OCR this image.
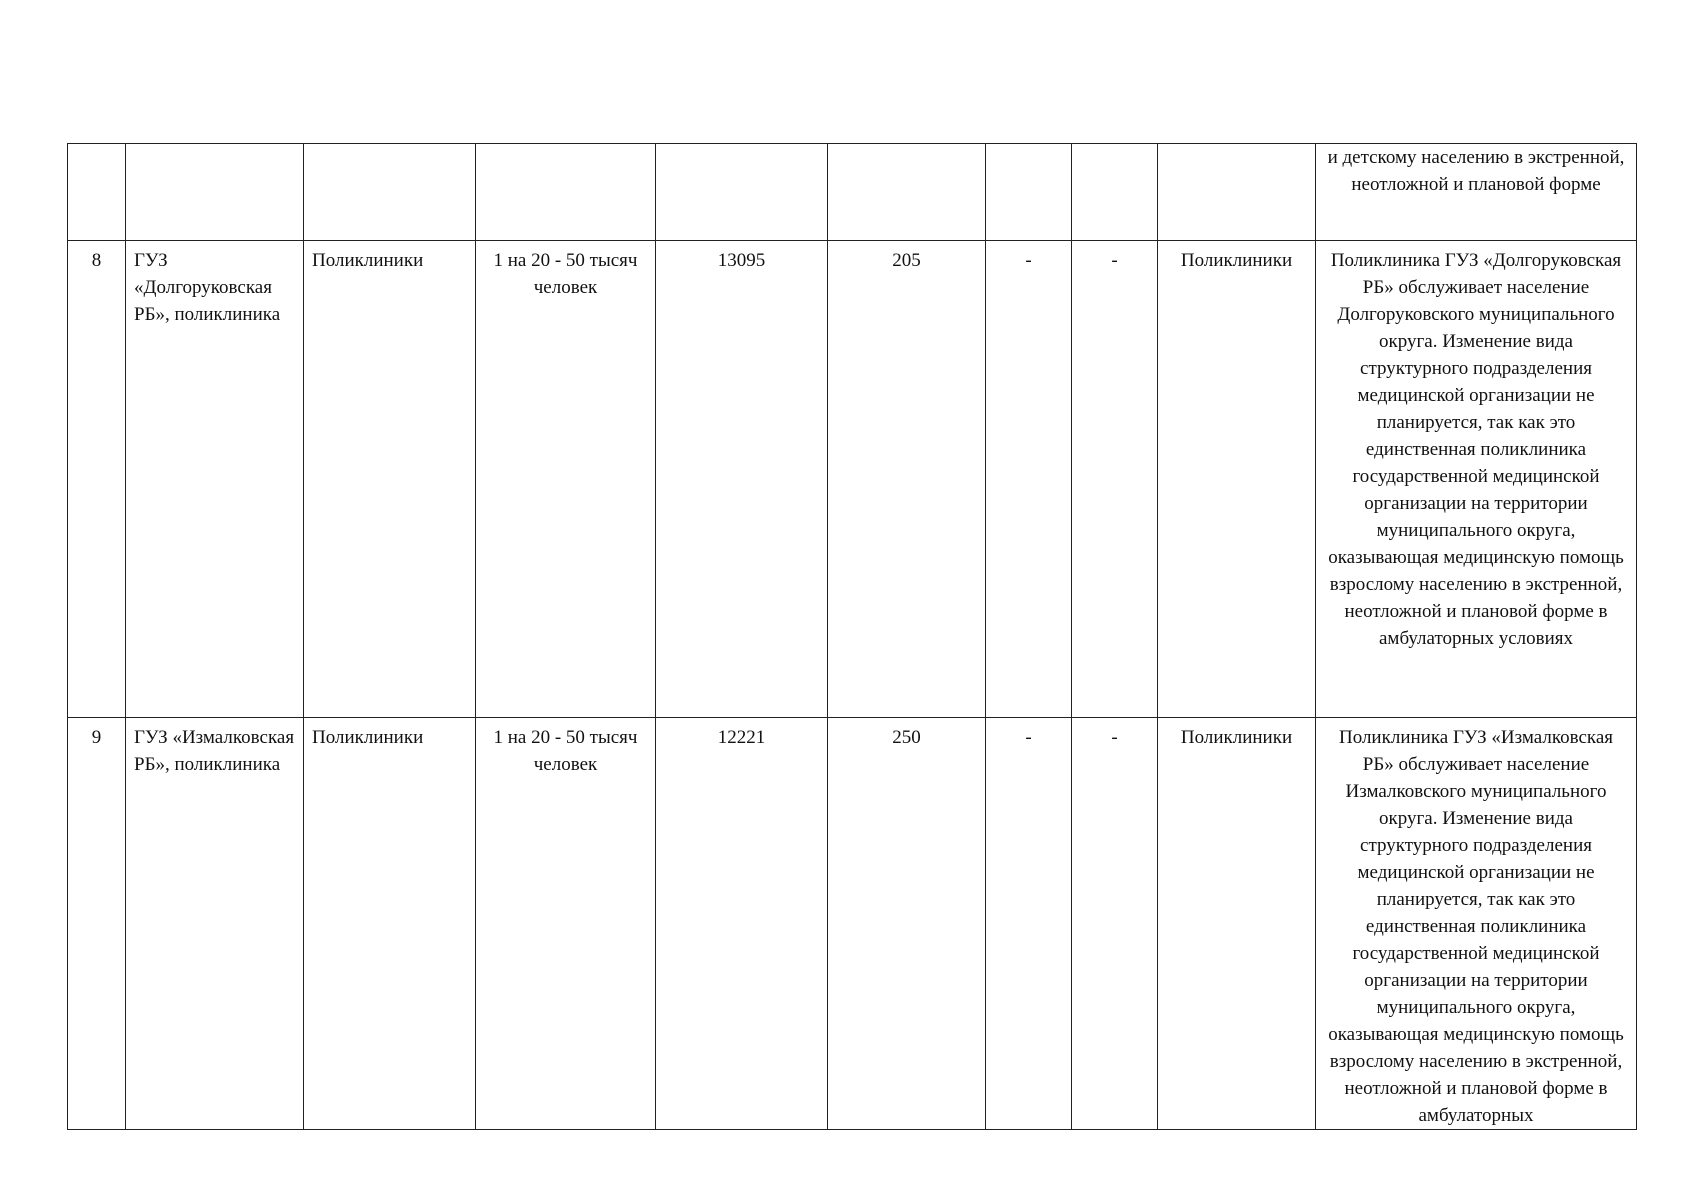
									и детскому населению в экстренной, неотложной и плановой форме

8	ГУЗ «Долгоруковская РБ», поликлиника	Поликлиники	1 на 20 - 50 тысяч человек	13095	205	-	-	Поликлиники	Поликлиника ГУЗ «Долгоруковская РБ» обслуживает население Долгоруковского муниципального округа. Изменение вида структурного подразделения медицинской организации не планируется, так как это единственная поликлиника государственной медицинской организации на территории муниципального округа, оказывающая медицинскую помощь взрослому населению в экстренной, неотложной и плановой форме в амбулаторных условиях

9	ГУЗ «Измалковская РБ», поликлиника	Поликлиники	1 на 20 - 50 тысяч человек	12221	250	-	-	Поликлиники	Поликлиника ГУЗ «Измалковская РБ» обслуживает население Измалковского муниципального округа. Изменение вида структурного подразделения медицинской организации не планируется, так как это единственная поликлиника государственной медицинской организации на территории муниципального округа, оказывающая медицинскую помощь взрослому населению в экстренной, неотложной и плановой форме в амбулаторных
